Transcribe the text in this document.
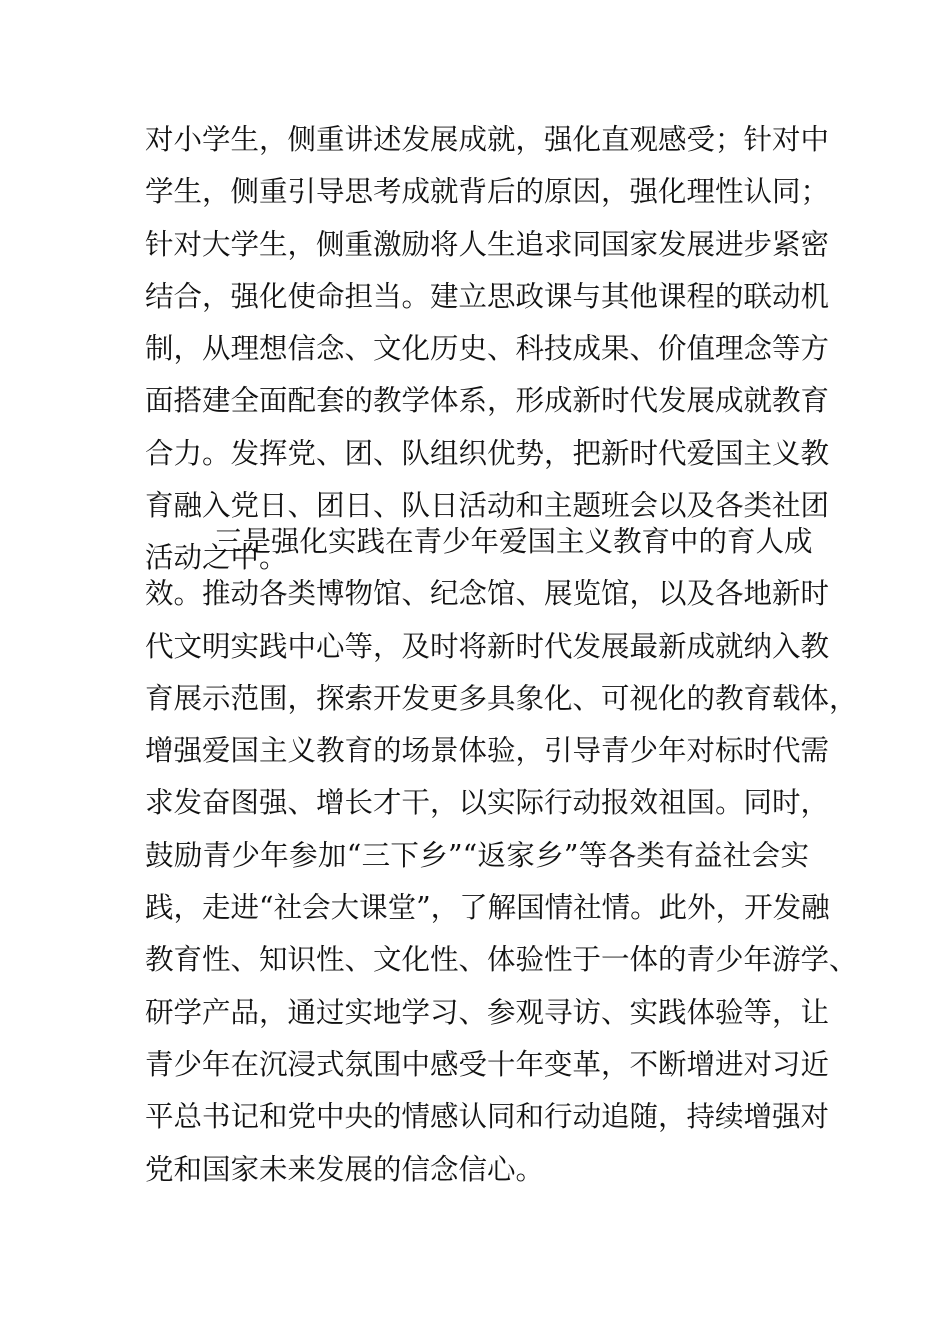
对小学生，侧重讲述发展成就，强化直观感受；针对中
学生，侧重引导思考成就背后的原因，强化理性认同；
针对大学生，侧重激励将人生追求同国家发展进步紧密
结合，强化使命担当。建立思政课与其他课程的联动机
制，从理想信念、文化历史、科技成果、价值理念等方
面搭建全面配套的教学体系，形成新时代发展成就教育
合力。发挥党、团、队组织优势，把新时代爱国主义教
育融入党日、团日、队日活动和主题班会以及各类社团
活动之中。
三是强化实践在青少年爱国主义教育中的育人成
效。推动各类博物馆、纪念馆、展览馆，以及各地新时
代文明实践中心等，及时将新时代发展最新成就纳入教
育展示范围，探索开发更多具象化、可视化的教育载体，
增强爱国主义教育的场景体验，引导青少年对标时代需
求发奋图强、增长才干，以实际行动报效祖国。同时，
鼓励青少年参加“三下乡”“返家乡”等各类有益社会实
践，走进“社会大课堂”，了解国情社情。此外，开发融
教育性、知识性、文化性、体验性于一体的青少年游学、
研学产品，通过实地学习、参观寻访、实践体验等，让
青少年在沉浸式氛围中感受十年变革，不断增进对习近
平总书记和党中央的情感认同和行动追随，持续增强对
党和国家未来发展的信念信心。
